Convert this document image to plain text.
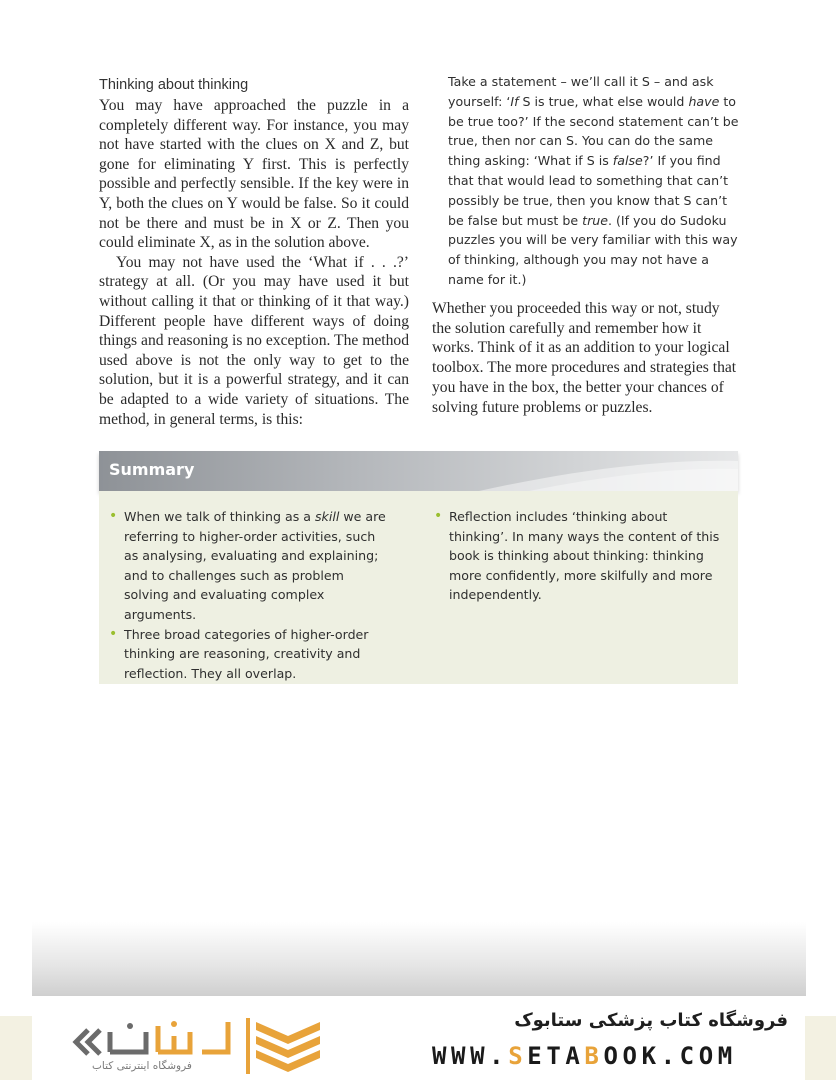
Thinking about thinking

You may have approached the puzzle in a completely different way. For instance, you may not have started with the clues on X and Z, but gone for eliminating Y first. This is perfectly possible and perfectly sensible. If the key were in Y, both the clues on Y would be false. So it could not be there and must be in X or Z. Then you could eliminate X, as in the solution above.

You may not have used the ‘What if . . .?’ strategy at all. (Or you may have used it but without calling it that or thinking of it that way.) Different people have different ways of doing things and reasoning is no exception. The method used above is not the only way to get to the solution, but it is a powerful strategy, and it can be adapted to a wide variety of situations. The method, in general terms, is this:

Take a statement – we’ll call it S – and ask yourself: ‘If S is true, what else would have to be true too?’ If the second statement can’t be true, then nor can S. You can do the same thing asking: ‘What if S is false?’ If you find that that would lead to something that can’t possibly be true, then you know that S can’t be false but must be true. (If you do Sudoku puzzles you will be very familiar with this way of thinking, although you may not have a name for it.)

Whether you proceeded this way or not, study the solution carefully and remember how it works. Think of it as an addition to your logical toolbox. The more procedures and strategies that you have in the box, the better your chances of solving future problems or puzzles.

Summary
• When we talk of thinking as a skill we are referring to higher-order activities, such as analysing, evaluating and explaining; and to challenges such as problem solving and evaluating complex arguments.
• Three broad categories of higher-order thinking are reasoning, creativity and reflection. They all overlap.
• Reflection includes ‘thinking about thinking’. In many ways the content of this book is thinking about thinking: thinking more confidently, more skilfully and more independently.
ستابوک
فروشگاه اینترنتی کتاب
فروشگاه کتاب پزشکی ستابوک
WWW.SETABOOK.COM
